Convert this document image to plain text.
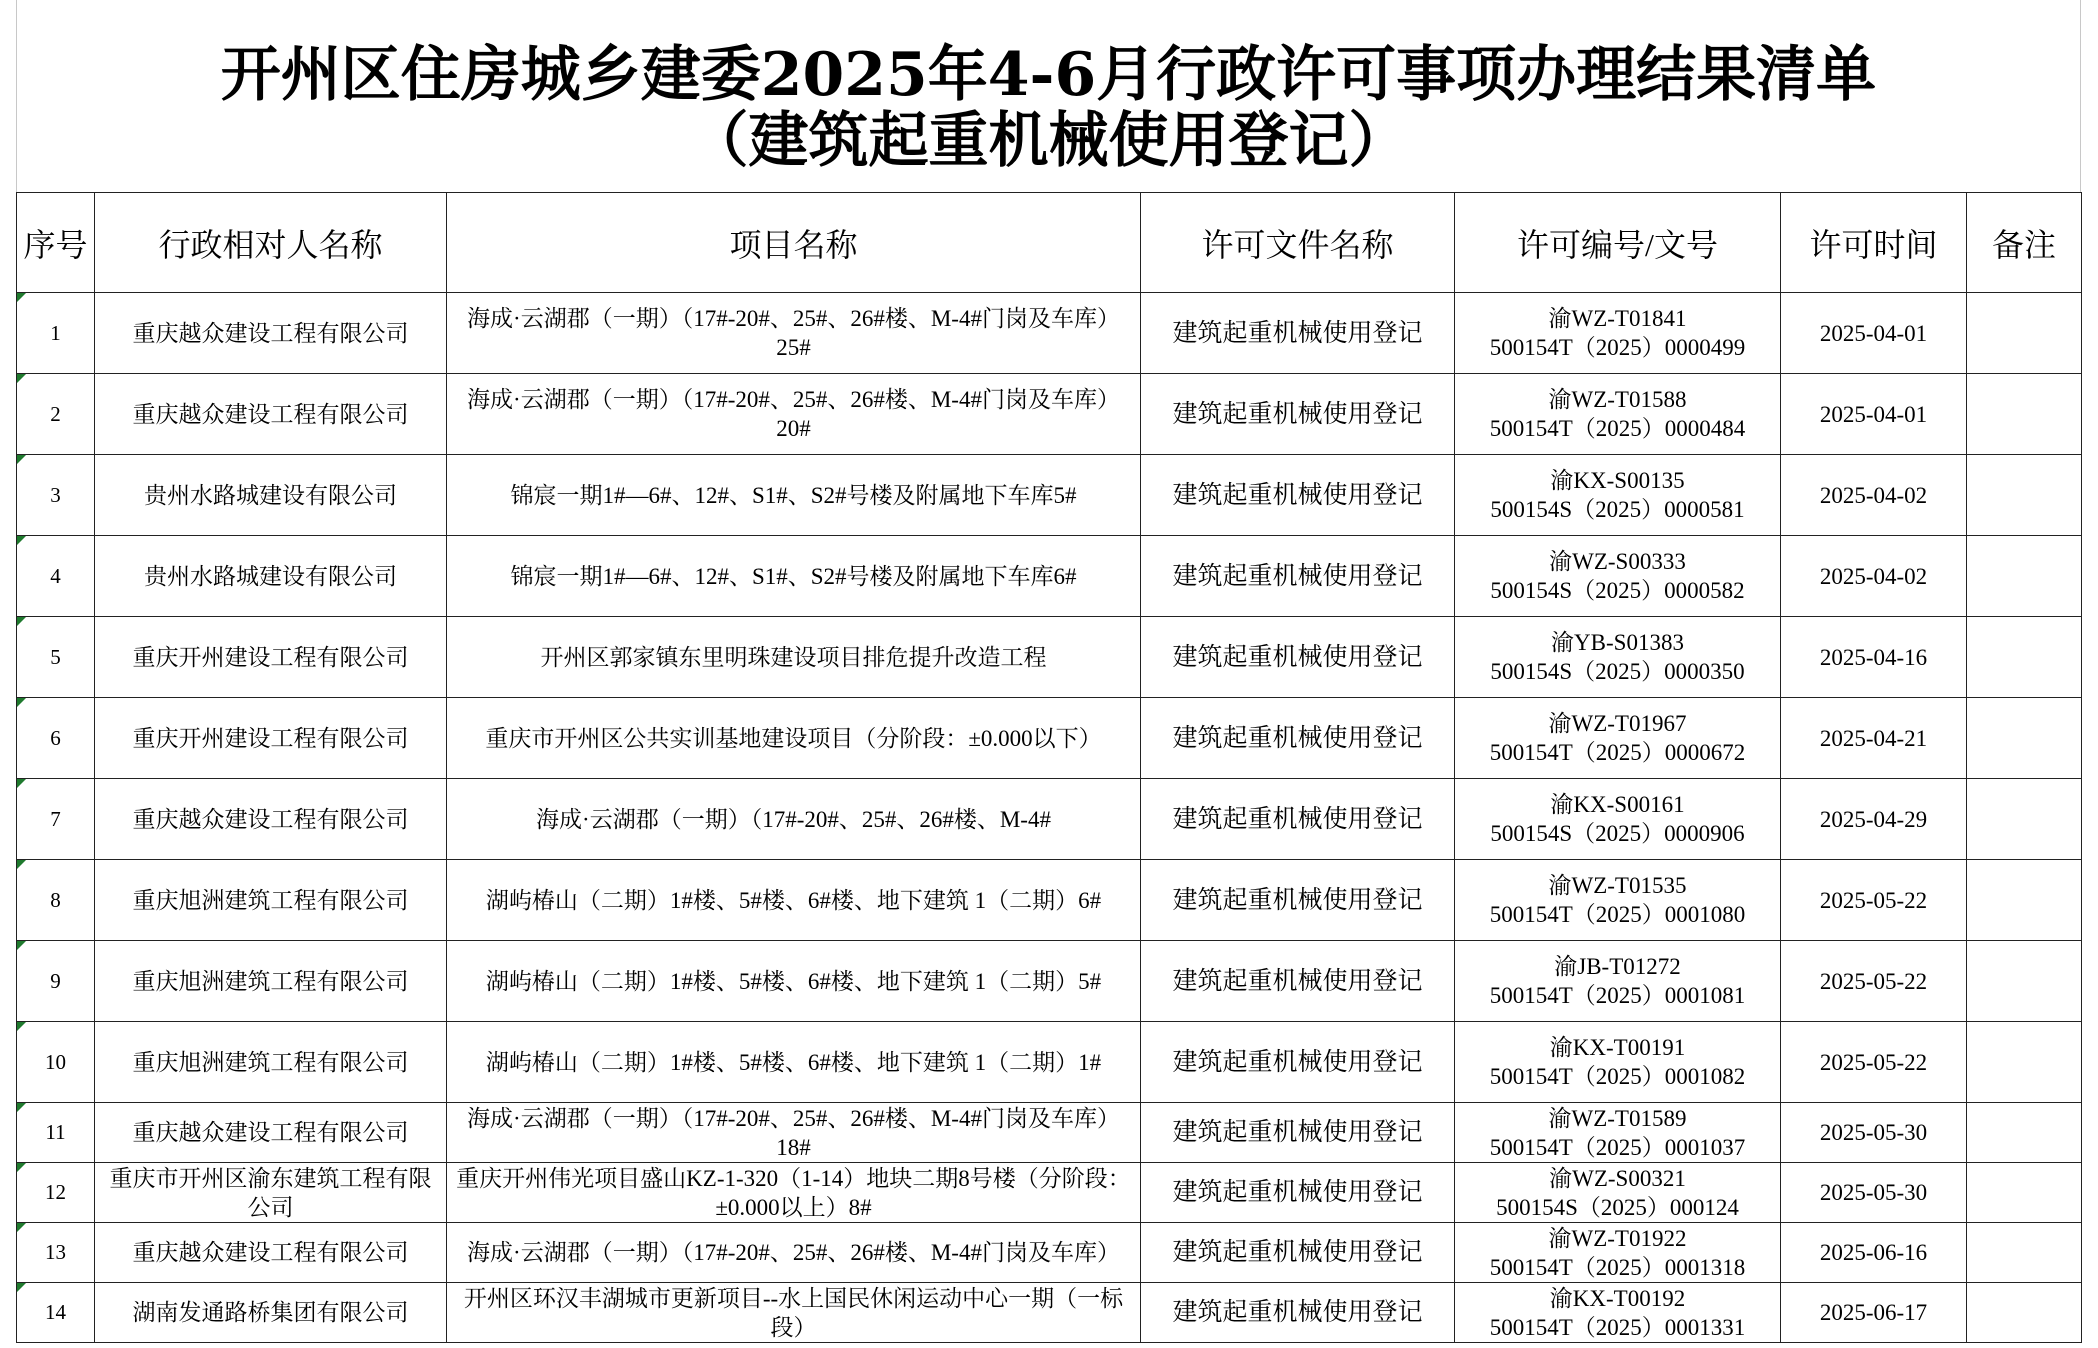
开州区住房城乡建委2025年4-6月行政许可事项办理结果清单
（建筑起重机械使用登记）
序号	行政相对人名称	项目名称	许可文件名称	许可编号/文号	许可时间	备注

1	重庆越众建设工程有限公司	海成·云湖郡（一期）（17#-20#、25#、26#楼、M-4#门岗及车库）25#	建筑起重机械使用登记	渝WZ-T01841
500154T（2025）0000499	2025-04-01	

2	重庆越众建设工程有限公司	海成·云湖郡（一期）（17#-20#、25#、26#楼、M-4#门岗及车库）20#	建筑起重机械使用登记	渝WZ-T01588
500154T（2025）0000484	2025-04-01	

3	贵州水路城建设有限公司	锦宸一期1#—6#、12#、S1#、S2#号楼及附属地下车库5#	建筑起重机械使用登记	渝KX-S00135
500154S（2025）0000581	2025-04-02	

4	贵州水路城建设有限公司	锦宸一期1#—6#、12#、S1#、S2#号楼及附属地下车库6#	建筑起重机械使用登记	渝WZ-S00333
500154S（2025）0000582	2025-04-02	

5	重庆开州建设工程有限公司	开州区郭家镇东里明珠建设项目排危提升改造工程	建筑起重机械使用登记	渝YB-S01383
500154S（2025）0000350	2025-04-16	

6	重庆开州建设工程有限公司	重庆市开州区公共实训基地建设项目（分阶段：±0.000以下）	建筑起重机械使用登记	渝WZ-T01967
500154T（2025）0000672	2025-04-21	

7	重庆越众建设工程有限公司	海成·云湖郡（一期）（17#-20#、25#、26#楼、M-4#	建筑起重机械使用登记	渝KX-S00161
500154S（2025）0000906	2025-04-29	

8	重庆旭洲建筑工程有限公司	湖屿椿山（二期）1#楼、5#楼、6#楼、地下建筑 1（二期）6#	建筑起重机械使用登记	渝WZ-T01535
500154T（2025）0001080	2025-05-22	

9	重庆旭洲建筑工程有限公司	湖屿椿山（二期）1#楼、5#楼、6#楼、地下建筑 1（二期）5#	建筑起重机械使用登记	渝JB-T01272
500154T（2025）0001081	2025-05-22	

10	重庆旭洲建筑工程有限公司	湖屿椿山（二期）1#楼、5#楼、6#楼、地下建筑 1（二期）1#	建筑起重机械使用登记	渝KX-T00191
500154T（2025）0001082	2025-05-22	

11	重庆越众建设工程有限公司	海成·云湖郡（一期）（17#-20#、25#、26#楼、M-4#门岗及车库）18#	建筑起重机械使用登记	渝WZ-T01589
500154T（2025）0001037	2025-05-30	

12	重庆市开州区渝东建筑工程有限公司	重庆开州伟光项目盛山KZ-1-320（1-14）地块二期8号楼（分阶段：±0.000以上）8#	建筑起重机械使用登记	渝WZ-S00321
500154S（2025）000124	2025-05-30	

13	重庆越众建设工程有限公司	海成·云湖郡（一期）（17#-20#、25#、26#楼、M-4#门岗及车库）	建筑起重机械使用登记	渝WZ-T01922
500154T（2025）0001318	2025-06-16	

14	湖南发通路桥集团有限公司	开州区环汉丰湖城市更新项目--水上国民休闲运动中心一期（一标段）	建筑起重机械使用登记	渝KX-T00192
500154T（2025）0001331	2025-06-17	
